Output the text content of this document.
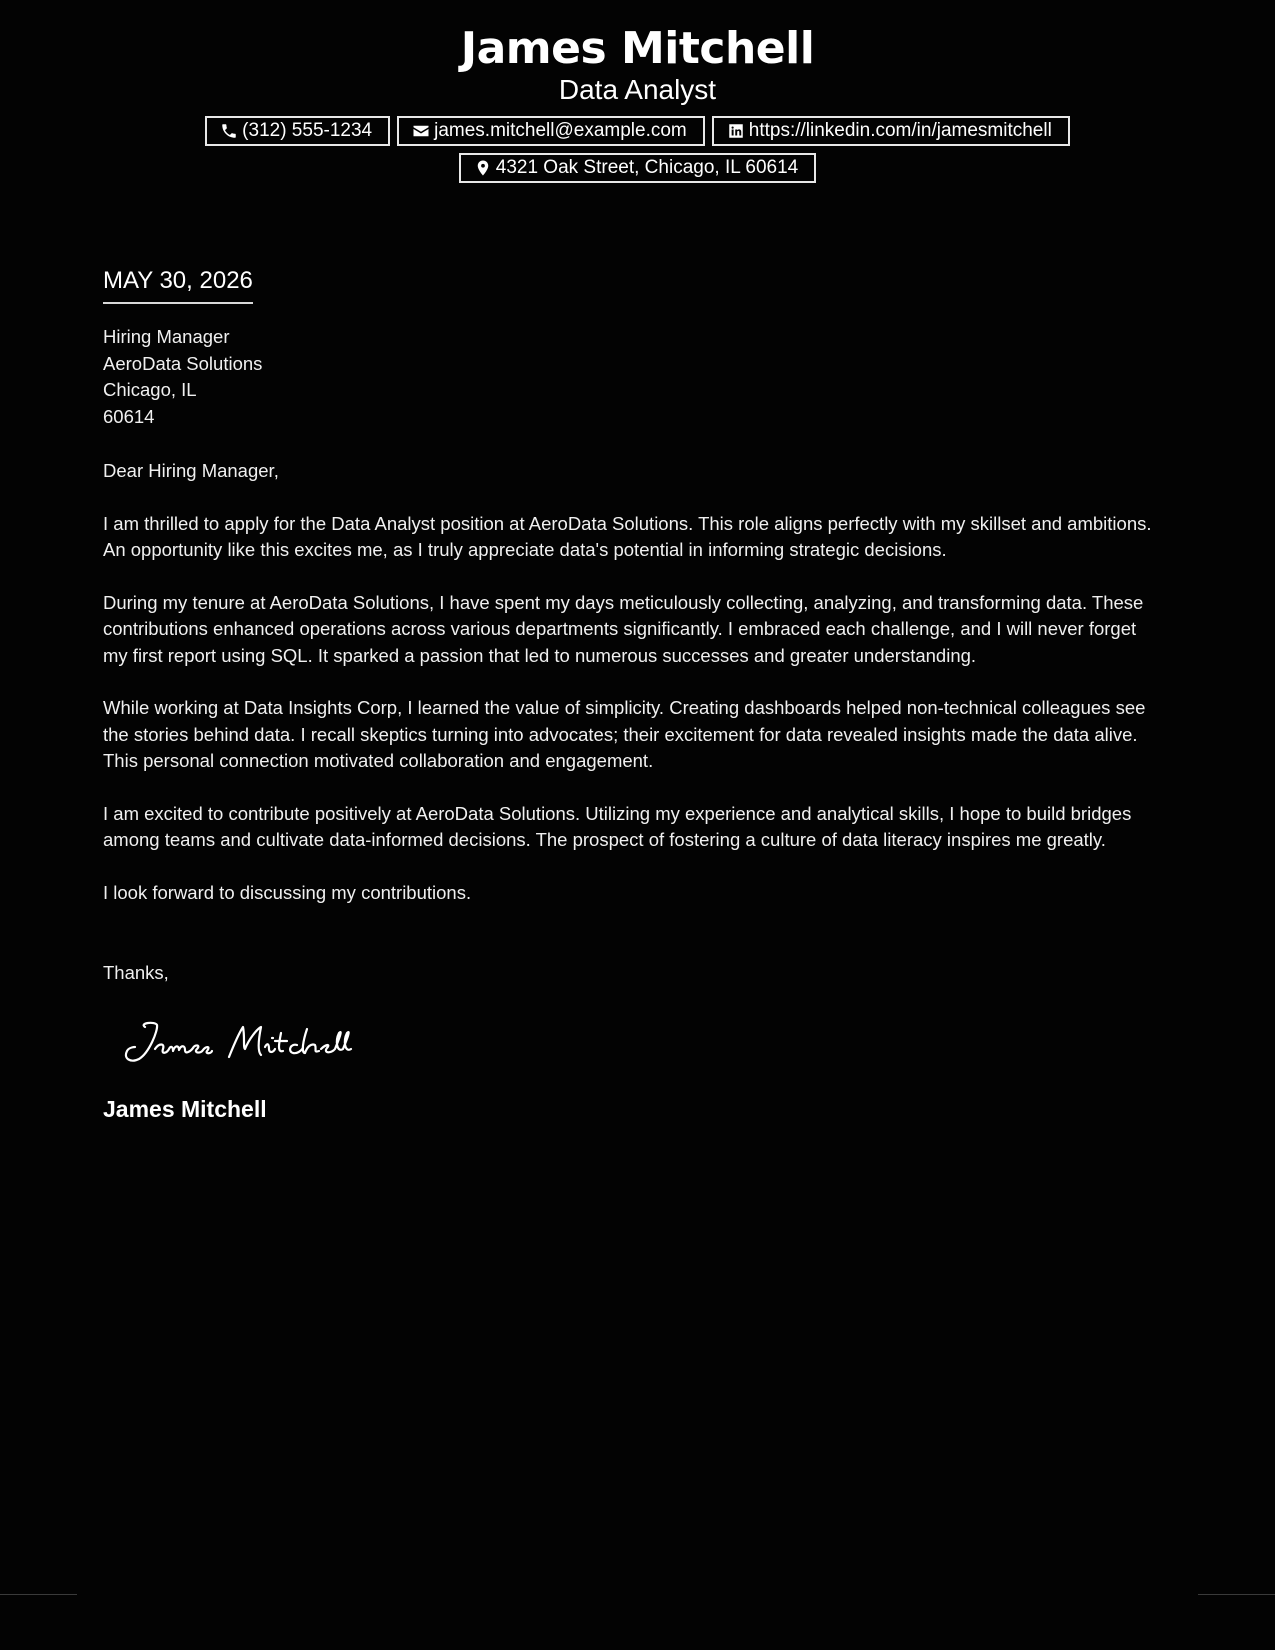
James Mitchell
Data Analyst
(312) 555-1234	james.mitchell@example.com	https://linkedin.com/in/jamesmitchell
4321 Oak Street, Chicago, IL 60614
MAY 30, 2026
Hiring Manager
AeroData Solutions
Chicago, IL
60614
Dear Hiring Manager,

I am thrilled to apply for the Data Analyst position at AeroData Solutions. This role aligns perfectly with my skillset and ambitions. An opportunity like this excites me, as I truly appreciate data's potential in informing strategic decisions.

During my tenure at AeroData Solutions, I have spent my days meticulously collecting, analyzing, and transforming data. These contributions enhanced operations across various departments significantly. I embraced each challenge, and I will never forget my first report using SQL. It sparked a passion that led to numerous successes and greater understanding.

While working at Data Insights Corp, I learned the value of simplicity. Creating dashboards helped non-technical colleagues see the stories behind data. I recall skeptics turning into advocates; their excitement for data revealed insights made the data alive. This personal connection motivated collaboration and engagement.

I am excited to contribute positively at AeroData Solutions. Utilizing my experience and analytical skills, I hope to build bridges among teams and cultivate data-informed decisions. The prospect of fostering a culture of data literacy inspires me greatly.

I look forward to discussing my contributions.

Thanks,
James Mitchell
